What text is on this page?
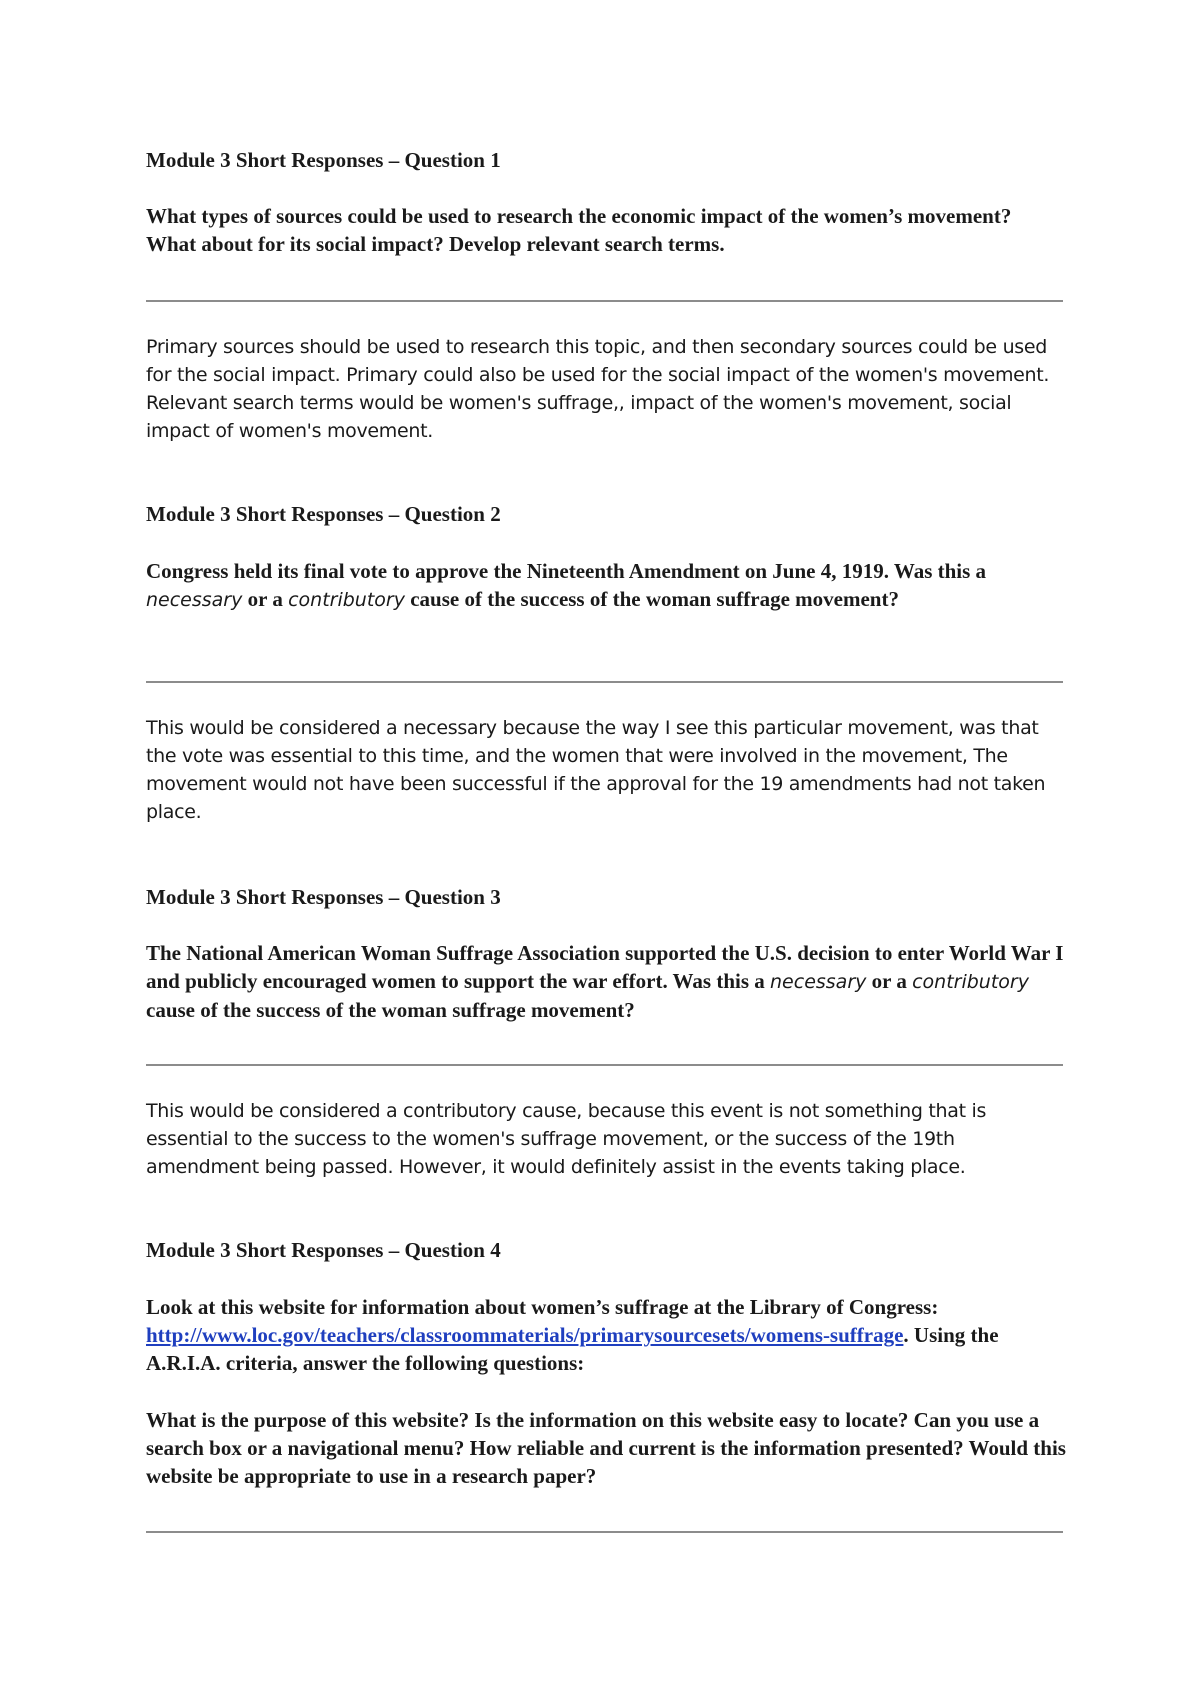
Module 3 Short Responses – Question 1

What types of sources could be used to research the economic impact of the women’s movement? What about for its social impact? Develop relevant search terms.

Primary sources should be used to research this topic, and then secondary sources could be used for the social impact. Primary could also be used for the social impact of the women's movement. Relevant search terms would be women's suffrage,, impact of the women's movement, social impact of women's movement.

Module 3 Short Responses – Question 2

Congress held its final vote to approve the Nineteenth Amendment on June 4, 1919. Was this a necessary or a contributory cause of the success of the woman suffrage movement?

This would be considered a necessary because the way I see this particular movement, was that the vote was essential to this time, and the women that were involved in the movement, The movement would not have been successful if the approval for the 19 amendments had not taken place.

Module 3 Short Responses – Question 3

The National American Woman Suffrage Association supported the U.S. decision to enter World War I and publicly encouraged women to support the war effort. Was this a necessary or a contributory cause of the success of the woman suffrage movement?

This would be considered a contributory cause, because this event is not something that is essential to the success to the women's suffrage movement, or the success of the 19th amendment being passed. However, it would definitely assist in the events taking place.

Module 3 Short Responses – Question 4

Look at this website for information about women’s suffrage at the Library of Congress: http://www.loc.gov/teachers/classroommaterials/primarysourcesets/womens-suffrage. Using the A.R.I.A. criteria, answer the following questions:

What is the purpose of this website? Is the information on this website easy to locate? Can you use a search box or a navigational menu? How reliable and current is the information presented? Would this website be appropriate to use in a research paper?
